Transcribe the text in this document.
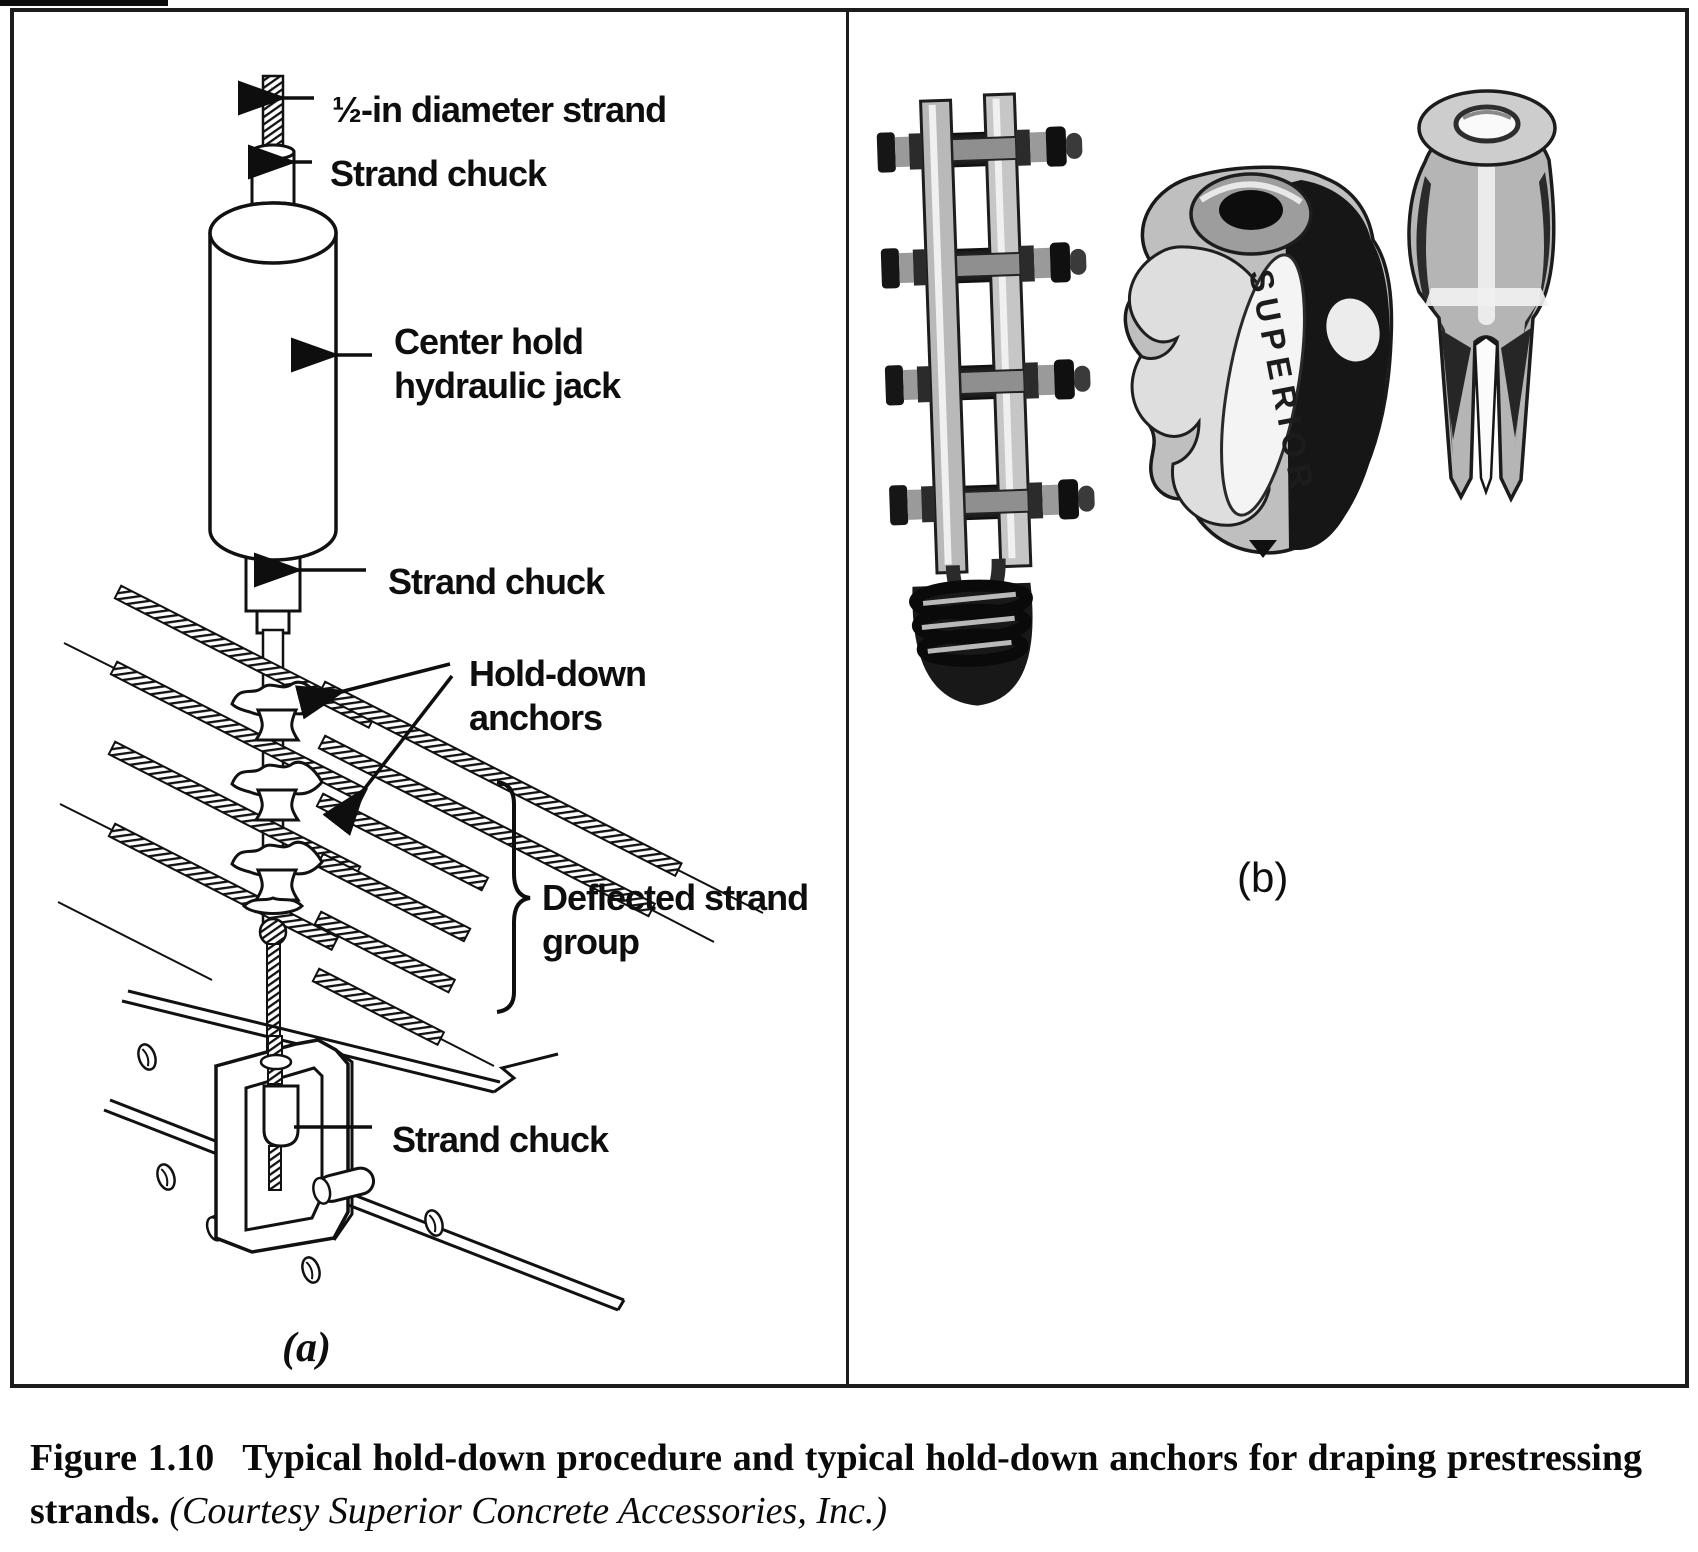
½-in diameter strand
Strand chuck
Center hold
hydraulic jack
Strand chuck
Hold-down
anchors
Deflected strand
group
Strand chuck
(a)
SUPERIOR
(b)

Figure 1.10 Typical hold-down procedure and typical hold-down anchors for draping prestressing strands. (Courtesy Superior Concrete Accessories, Inc.)
